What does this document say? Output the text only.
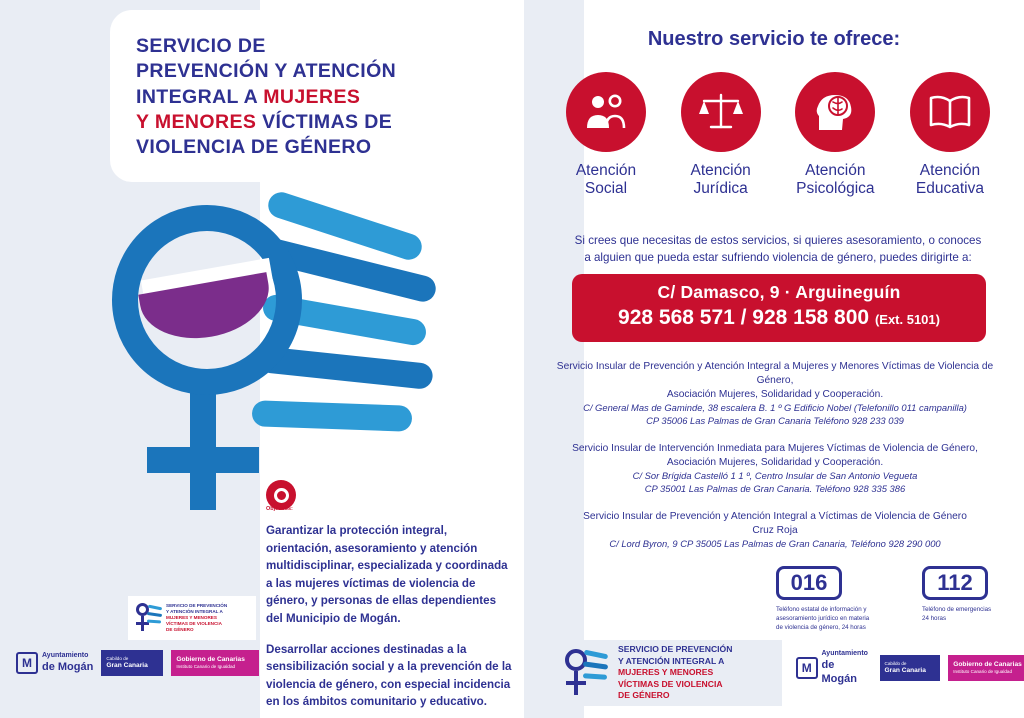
SERVICIO DE
PREVENCIÓN Y ATENCIÓN
INTEGRAL A MUJERES
Y MENORES VÍCTIMAS DE
VIOLENCIA DE GÉNERO
Objetivos:

Garantizar la protección integral, orientación, asesoramiento y atención multidisciplinar, especializada y coordinada a las mujeres víctimas de violencia de género, y personas de ellas dependientes del Municipio de Mogán.

Desarrollar acciones destinadas a la sensibilización social y a la prevención de la violencia de género, con especial incidencia en los ámbitos comunitario y educativo.

SERVICIO DE PREVENCIÓN
Y ATENCIÓN INTEGRAL A
MUJERES Y MENORES
VÍCTIMAS DE VIOLENCIA
DE GÉNERO
M
Ayuntamiento
de Mogán
Cabildo de
Gran Canaria
Gobierno de Canarias
Instituto Canario de Igualdad
Nuestro servicio te ofrece:
Atención
Social
Atención
Jurídica
Atención
Psicológica
Atención
Educativa
Si crees que necesitas de estos servicios, si quieres asesoramiento, o conoces
a alguien que pueda estar sufriendo violencia de género, puedes dirigirte a:
C/ Damasco, 9 · Arguineguín
928 568 571 / 928 158 800 (Ext. 5101)
Servicio Insular de Prevención y Atención Integral a Mujeres y Menores Víctimas de Violencia de Género,
Asociación Mujeres, Solidaridad y Cooperación.
C/ General Mas de Gaminde, 38 escalera B. 1 º G Edificio Nobel (Telefonillo 011 campanilla)
CP 35006 Las Palmas de Gran Canaria Teléfono 928 233 039
Servicio Insular de Intervención Inmediata para Mujeres Víctimas de Violencia de Género,
Asociación Mujeres, Solidaridad y Cooperación.
C/ Sor Brígida Castelló 1 1 º, Centro Insular de San Antonio Vegueta
CP 35001 Las Palmas de Gran Canaria. Teléfono 928 335 386
Servicio Insular de Prevención y Atención Integral a Víctimas de Violencia de Género
Cruz Roja
C/ Lord Byron, 9 CP 35005 Las Palmas de Gran Canaria, Teléfono 928 290 000
016
Teléfono estatal de información y
asesoramiento jurídico en materia
de violencia de género, 24 horas
112
Teléfono de emergencias
24 horas
SERVICIO DE PREVENCIÓN
Y ATENCIÓN INTEGRAL A
MUJERES Y MENORES
VÍCTIMAS DE VIOLENCIA
DE GÉNERO
M
Ayuntamiento
de Mogán
Cabildo de
Gran Canaria
Gobierno de Canarias
Instituto Canario de Igualdad
